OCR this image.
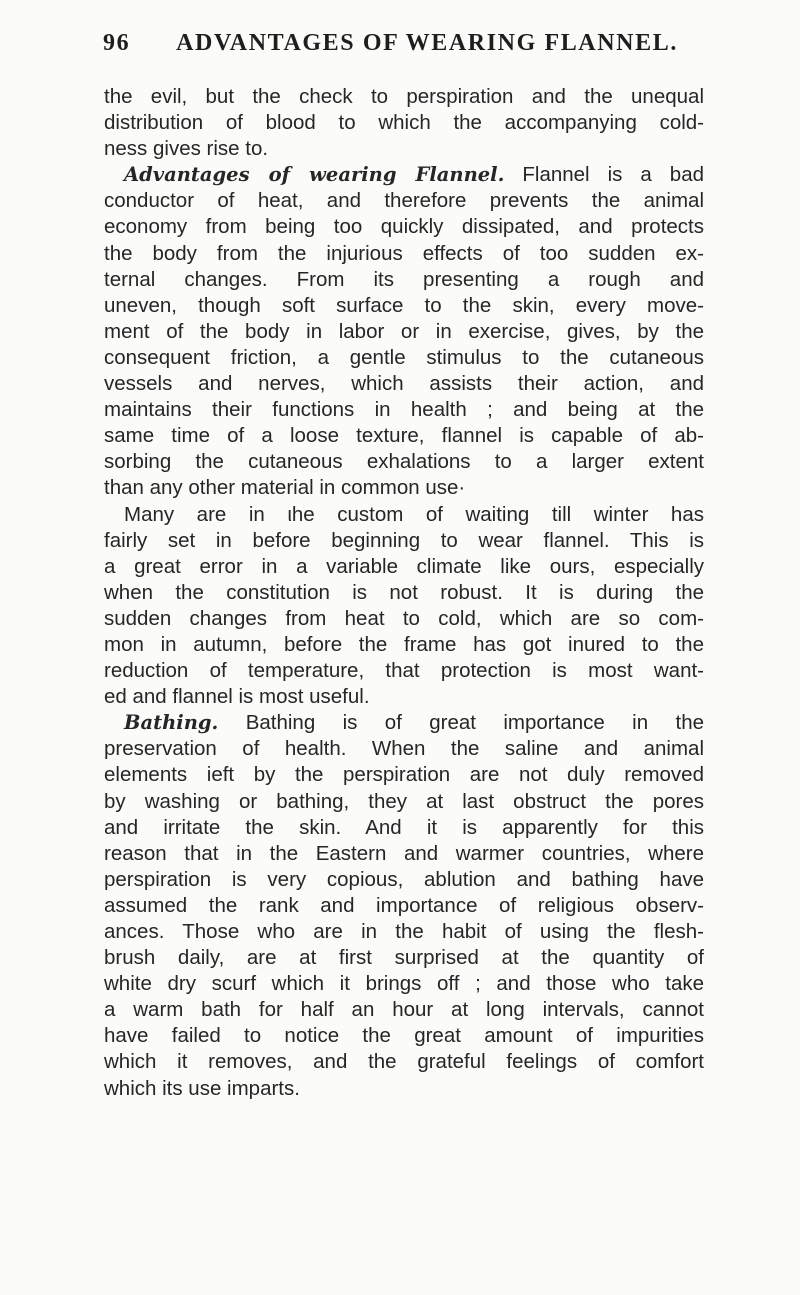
96	ADVANTAGES OF WEARING FLANNEL.
the evil, but the check to perspiration and the unequal
distribution of blood to which the accompanying cold-
ness gives rise to.
Advantages of wearing Flannel. Flannel is a bad
conductor of heat, and therefore prevents the animal
economy from being too quickly dissipated, and protects
the body from the injurious effects of too sudden ex-
ternal changes. From its presenting a rough and
uneven, though soft surface to the skin, every move-
ment of the body in labor or in exercise, gives, by the
consequent friction, a gentle stimulus to the cutaneous
vessels and nerves, which assists their action, and
maintains their functions in health ; and being at the
same time of a loose texture, flannel is capable of ab-
sorbing the cutaneous exhalations to a larger extent
than any other material in common use·
Many are in ιhe custom of waiting till winter has
fairly set in before beginning to wear flannel. This is
a great error in a variable climate like ours, especially
when the constitution is not robust. It is during the
sudden changes from heat to cold, which are so com-
mon in autumn, before the frame has got inured to the
reduction of temperature, that protection is most want-
ed and flannel is most useful.
Bathing. Bathing is of great importance in the
preservation of health. When the saline and animal
elements ieft by the perspiration are not duly removed
by washing or bathing, they at last obstruct the pores
and irritate the skin. And it is apparently for this
reason that in the Eastern and warmer countries, where
perspiration is very copious, ablution and bathing have
assumed the rank and importance of religious observ-
ances. Those who are in the habit of using the flesh-
brush daily, are at first surprised at the quantity of
white dry scurf which it brings off ; and those who take
a warm bath for half an hour at long intervals, cannot
have failed to notice the great amount of impurities
which it removes, and the grateful feelings of comfort
which its use imparts.
